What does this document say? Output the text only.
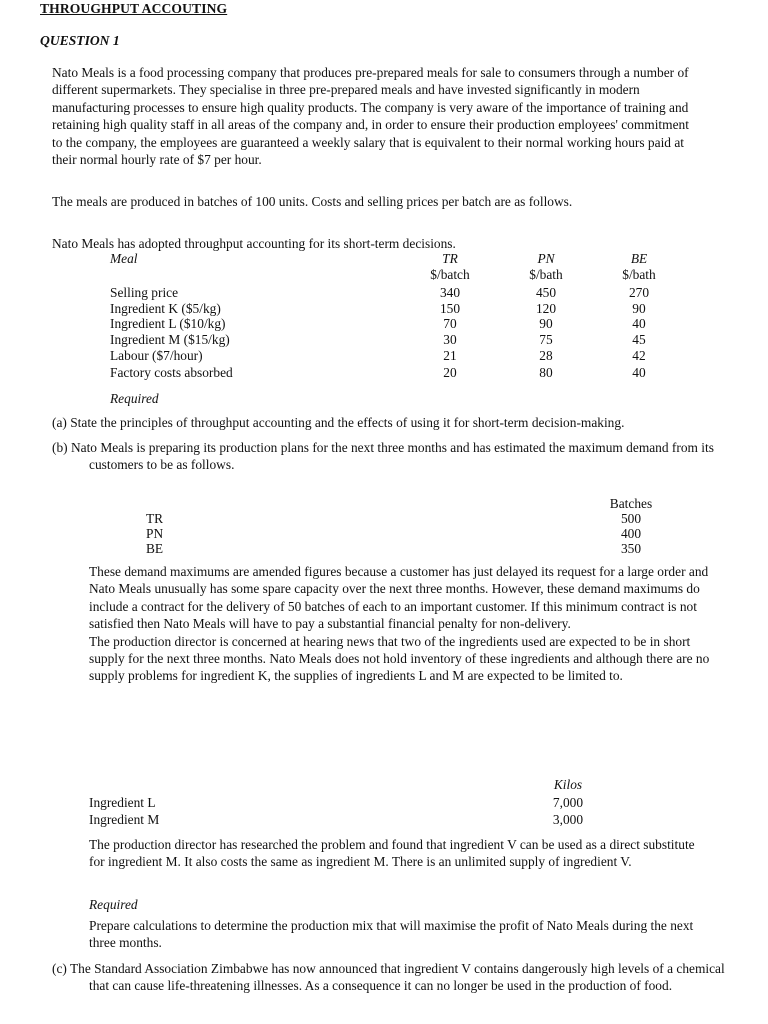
THROUGHPUT ACCOUTING
QUESTION 1
Nato Meals is a food processing company that produces pre-prepared meals for sale to consumers through a number of different supermarkets. They specialise in three pre-prepared meals and have invested significantly in modern manufacturing processes to ensure high quality products. The company is very aware of the importance of training and retaining high quality staff in all areas of the company and, in order to ensure their production employees' commitment to the company, the employees are guaranteed a weekly salary that is equivalent to their normal working hours paid at their normal hourly rate of $7 per hour.
The meals are produced in batches of 100 units. Costs and selling prices per batch are as follows.
Nato Meals has adopted throughput accounting for its short-term decisions.
Meal	TR	PN	BE
$/batch	$/bath	$/bath
Selling price	340	450	270
Ingredient K ($5/kg)	150	120	90
Ingredient L ($10/kg)	70	90	40
Ingredient M ($15/kg)	30	75	45
Labour ($7/hour)	21	28	42
Factory costs absorbed	20	80	40
Required
(a) State the principles of throughput accounting and the effects of using it for short-term decision-making.
(b) Nato Meals is preparing its production plans for the next three months and has estimated the maximum demand from its customers to be as follows.
Batches
TR	500
PN	400
BE	350
These demand maximums are amended figures because a customer has just delayed its request for a large order and Nato Meals unusually has some spare capacity over the next three months. However, these demand maximums do include a contract for the delivery of 50 batches of each to an important customer. If this minimum contract is not satisfied then Nato Meals will have to pay a substantial financial penalty for non-delivery.
The production director is concerned at hearing news that two of the ingredients used are expected to be in short supply for the next three months. Nato Meals does not hold inventory of these ingredients and although there are no supply problems for ingredient K, the supplies of ingredients L and M are expected to be limited to.
Kilos
Ingredient L	7,000
Ingredient M	3,000
The production director has researched the problem and found that ingredient V can be used as a direct substitute for ingredient M. It also costs the same as ingredient M. There is an unlimited supply of ingredient V.
Required
Prepare calculations to determine the production mix that will maximise the profit of Nato Meals during the next three months.
(c) The Standard Association Zimbabwe has now announced that ingredient V contains dangerously high levels of a chemical that can cause life-threatening illnesses. As a consequence it can no longer be used in the production of food.
